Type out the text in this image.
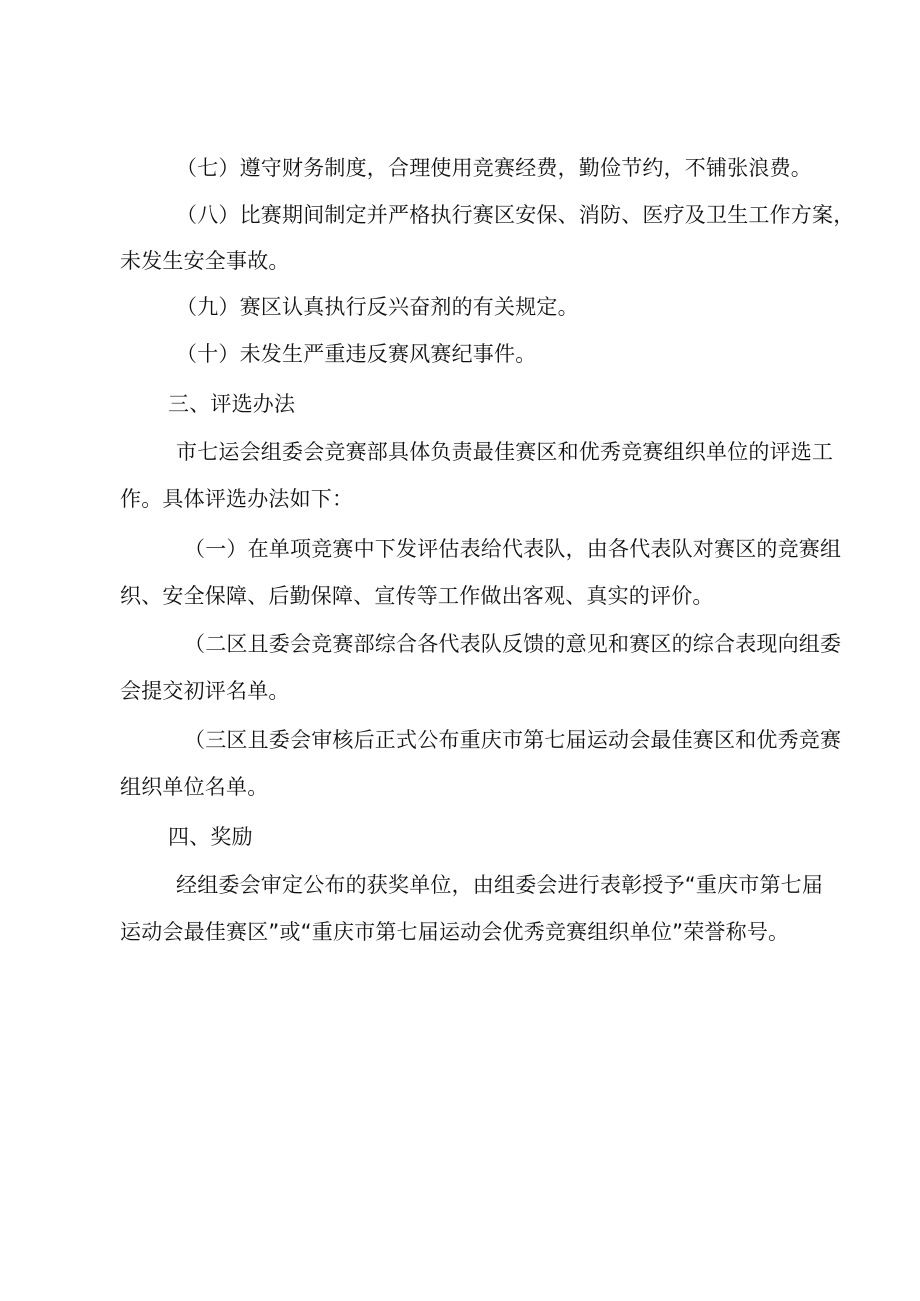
（七）遵守财务制度，合理使用竞赛经费，勤俭节约，不铺张浪费。
（八）比赛期间制定并严格执行赛区安保、消防、医疗及卫生工作方案，
未发生安全事故。
（九）赛区认真执行反兴奋剂的有关规定。
（十）未发生严重违反赛风赛纪事件。
三、评选办法
市七运会组委会竞赛部具体负责最佳赛区和优秀竞赛组织单位的评选工
作。具体评选办法如下：
（一）在单项竞赛中下发评估表给代表队，由各代表队对赛区的竞赛组
织、安全保障、后勤保障、宣传等工作做出客观、真实的评价。
（二区且委会竞赛部综合各代表队反馈的意见和赛区的综合表现向组委
会提交初评名单。
（三区且委会审核后正式公布重庆市第七届运动会最佳赛区和优秀竞赛
组织单位名单。
四、奖励
经组委会审定公布的获奖单位，由组委会进行表彰授予“重庆市第七届
运动会最佳赛区”或“重庆市第七届运动会优秀竞赛组织单位”荣誉称号。
